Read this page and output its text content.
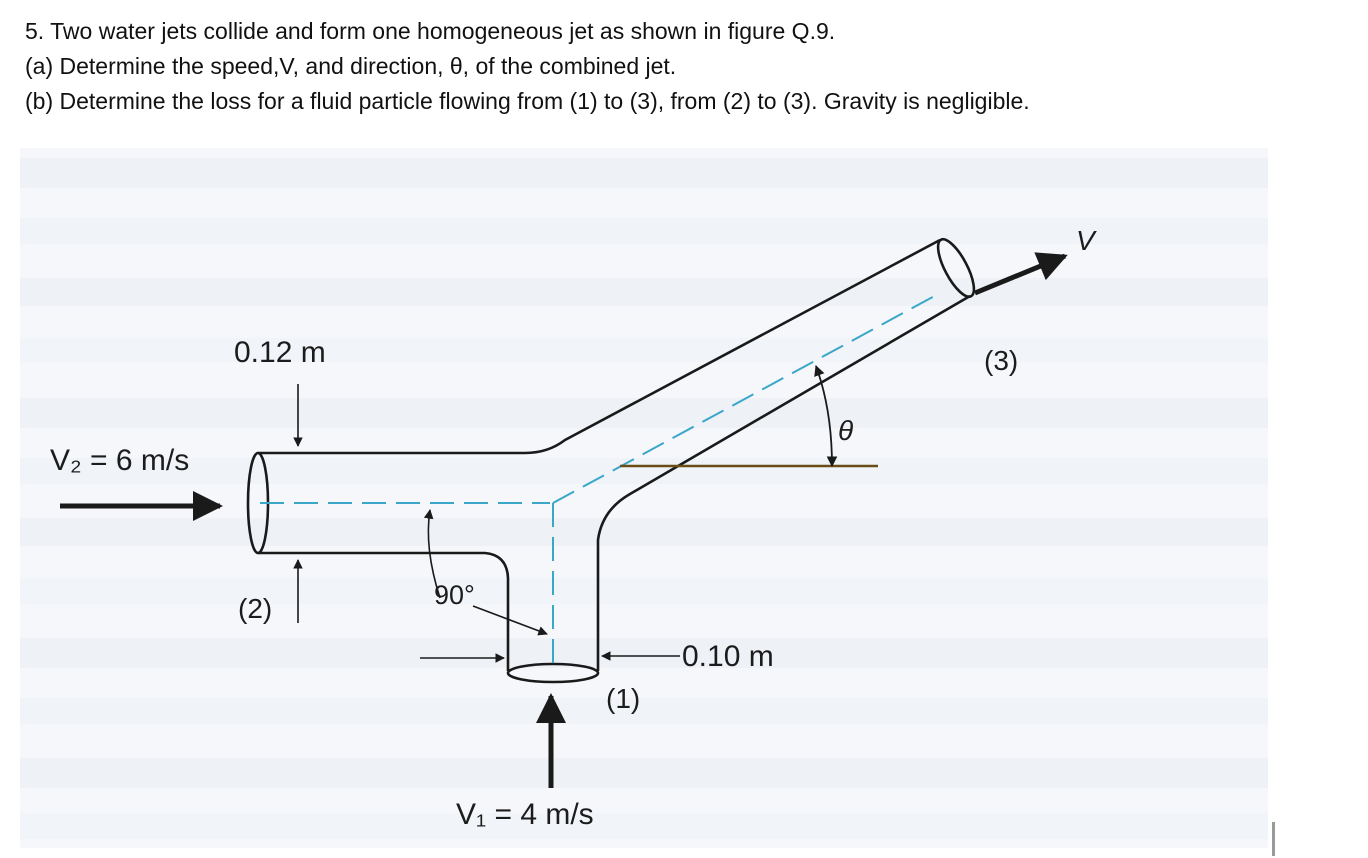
5. Two water jets collide and form one homogeneous jet as shown in figure Q.9.
(a) Determine the speed,V, and direction, θ, of the combined jet.
(b) Determine the loss for a fluid particle flowing from (1) to (3), from (2) to (3). Gravity is negligible.
0.12 m
V₂ = 6 m/s
(2)	90°
0.10 m
(1)
V₁ = 4 m/s
V
(3)
θ
